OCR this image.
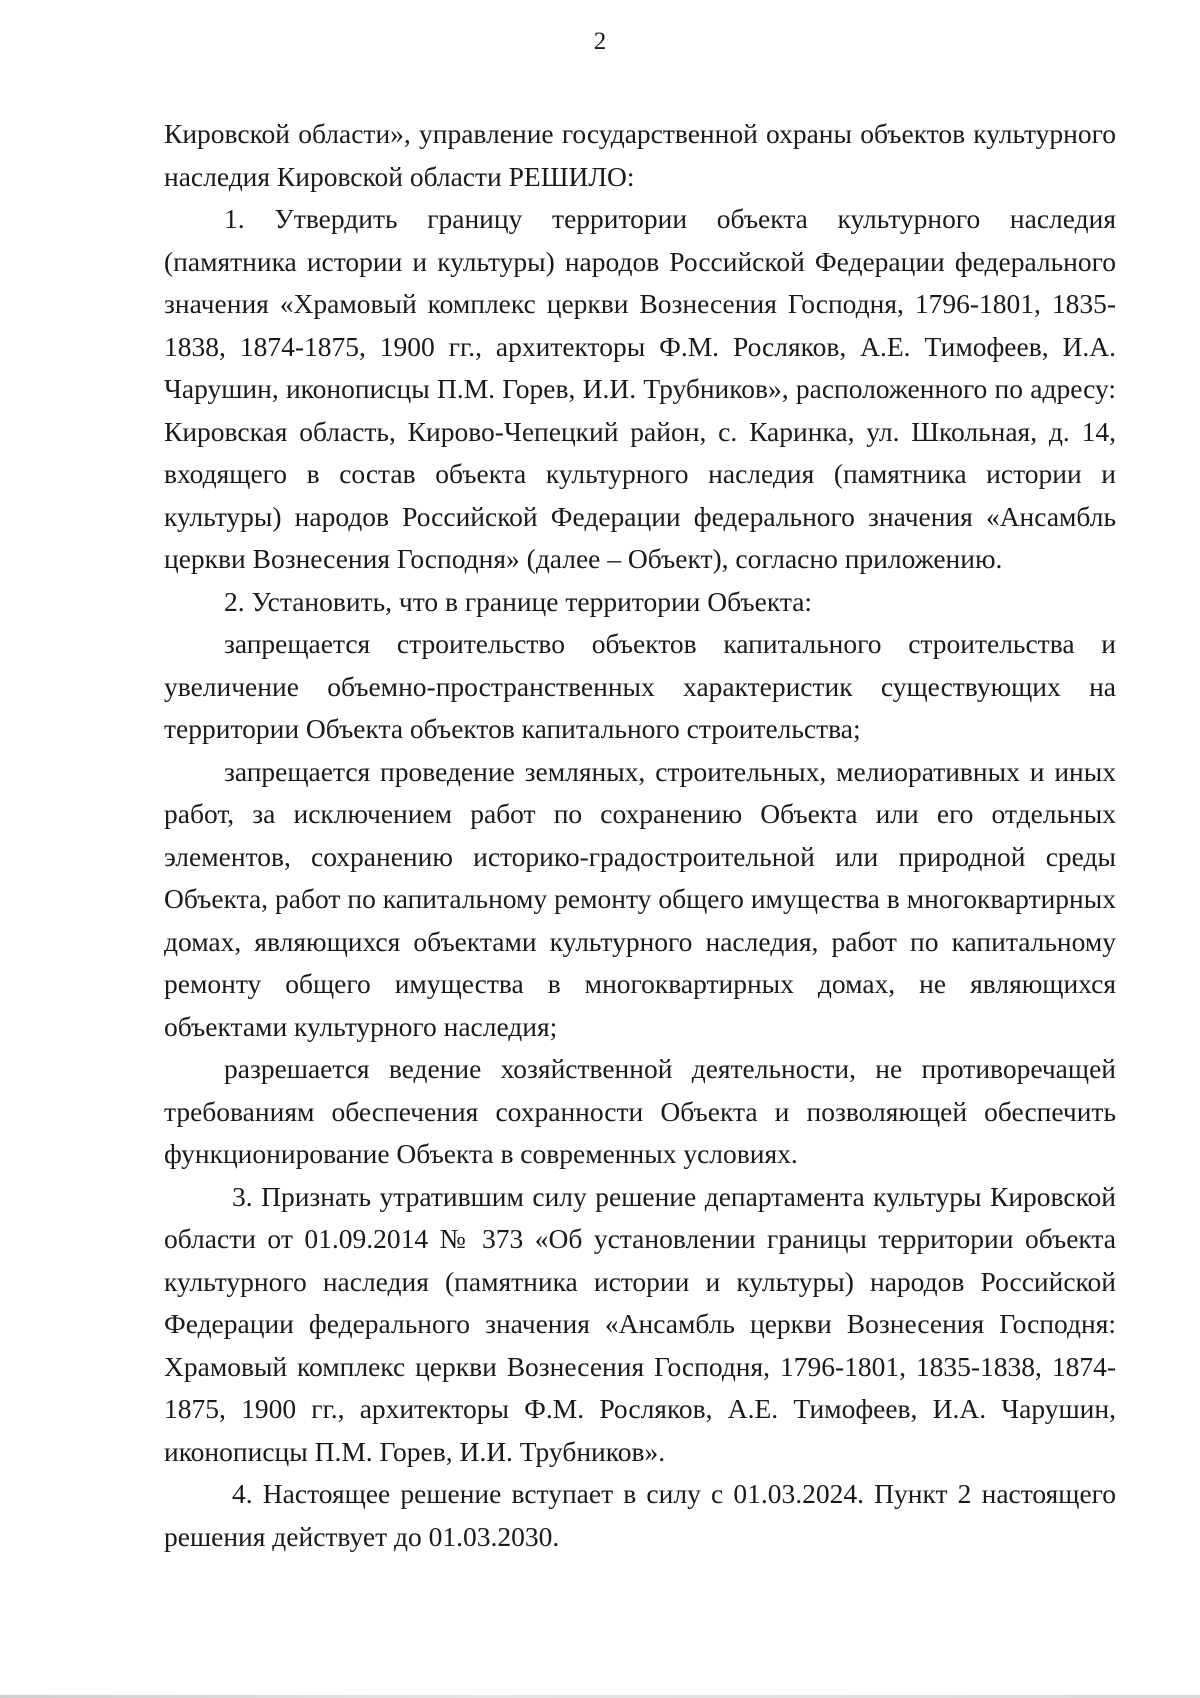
2

Кировской области», управление государственной охраны объектов культурного наследия Кировской области РЕШИЛО:

1. Утвердить границу территории объекта культурного наследия (памятника истории и культуры) народов Российской Федерации федерального значения «Храмовый комплекс церкви Вознесения Господня, 1796-1801, 1835-1838, 1874-1875, 1900 гг., архитекторы Ф.М. Росляков, А.Е. Тимофеев, И.А. Чарушин, иконописцы П.М. Горев, И.И. Трубников», расположенного по адресу: Кировская область, Кирово-Чепецкий район, с. Каринка, ул. Школьная, д. 14, входящего в состав объекта культурного наследия (памятника истории и культуры) народов Российской Федерации федерального значения «Ансамбль церкви Вознесения Господня» (далее – Объект), согласно приложению.

2. Установить, что в границе территории Объекта:

запрещается строительство объектов капитального строительства и увеличение объемно-пространственных характеристик существующих на территории Объекта объектов капитального строительства;

запрещается проведение земляных, строительных, мелиоративных и иных работ, за исключением работ по сохранению Объекта или его отдельных элементов, сохранению историко-градостроительной или природной среды Объекта, работ по капитальному ремонту общего имущества в многоквартирных домах, являющихся объектами культурного наследия, работ по капитальному ремонту общего имущества в многоквартирных домах, не являющихся объектами культурного наследия;

разрешается ведение хозяйственной деятельности, не противоречащей требованиям обеспечения сохранности Объекта и позволяющей обеспечить функционирование Объекта в современных условиях.

3. Признать утратившим силу решение департамента культуры Кировской области от 01.09.2014 № 373 «Об установлении границы территории объекта культурного наследия (памятника истории и культуры) народов Российской Федерации федерального значения «Ансамбль церкви Вознесения Господня: Храмовый комплекс церкви Вознесения Господня, 1796-1801, 1835-1838, 1874-1875, 1900 гг., архитекторы Ф.М. Росляков, А.Е. Тимофеев, И.А. Чарушин, иконописцы П.М. Горев, И.И. Трубников».

4. Настоящее решение вступает в силу с 01.03.2024. Пункт 2 настоящего решения действует до 01.03.2030.
